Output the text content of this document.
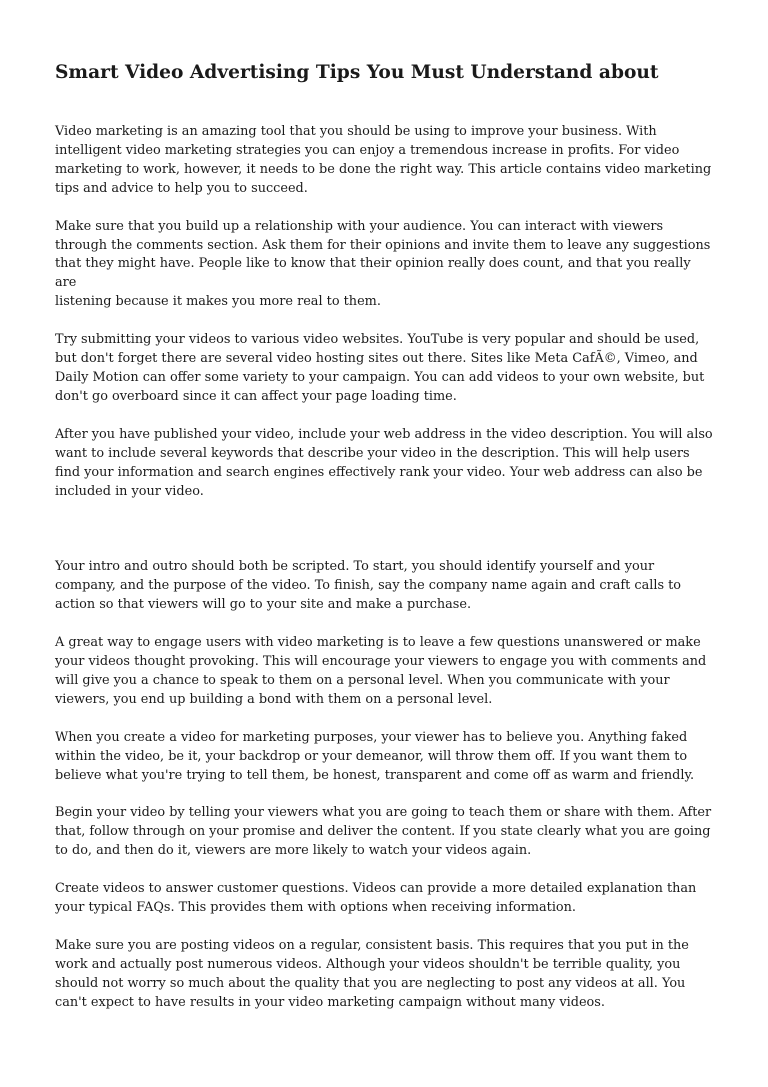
Smart Video Advertising Tips You Must Understand about

Video marketing is an amazing tool that you should be using to improve your business. With
intelligent video marketing strategies you can enjoy a tremendous increase in profits. For video
marketing to work, however, it needs to be done the right way. This article contains video marketing
tips and advice to help you to succeed.

Make sure that you build up a relationship with your audience. You can interact with viewers
through the comments section. Ask them for their opinions and invite them to leave any suggestions
that they might have. People like to know that their opinion really does count, and that you really are
listening because it makes you more real to them.

Try submitting your videos to various video websites. YouTube is very popular and should be used,
but don't forget there are several video hosting sites out there. Sites like Meta CafÃ©, Vimeo, and
Daily Motion can offer some variety to your campaign. You can add videos to your own website, but
don't go overboard since it can affect your page loading time.

After you have published your video, include your web address in the video description. You will also
want to include several keywords that describe your video in the description. This will help users
find your information and search engines effectively rank your video. Your web address can also be
included in your video.

Your intro and outro should both be scripted. To start, you should identify yourself and your
company, and the purpose of the video. To finish, say the company name again and craft calls to
action so that viewers will go to your site and make a purchase.

A great way to engage users with video marketing is to leave a few questions unanswered or make
your videos thought provoking. This will encourage your viewers to engage you with comments and
will give you a chance to speak to them on a personal level. When you communicate with your
viewers, you end up building a bond with them on a personal level.

When you create a video for marketing purposes, your viewer has to believe you. Anything faked
within the video, be it, your backdrop or your demeanor, will throw them off. If you want them to
believe what you're trying to tell them, be honest, transparent and come off as warm and friendly.

Begin your video by telling your viewers what you are going to teach them or share with them. After
that, follow through on your promise and deliver the content. If you state clearly what you are going
to do, and then do it, viewers are more likely to watch your videos again.

Create videos to answer customer questions. Videos can provide a more detailed explanation than
your typical FAQs. This provides them with options when receiving information.

Make sure you are posting videos on a regular, consistent basis. This requires that you put in the
work and actually post numerous videos. Although your videos shouldn't be terrible quality, you
should not worry so much about the quality that you are neglecting to post any videos at all. You
can't expect to have results in your video marketing campaign without many videos.
